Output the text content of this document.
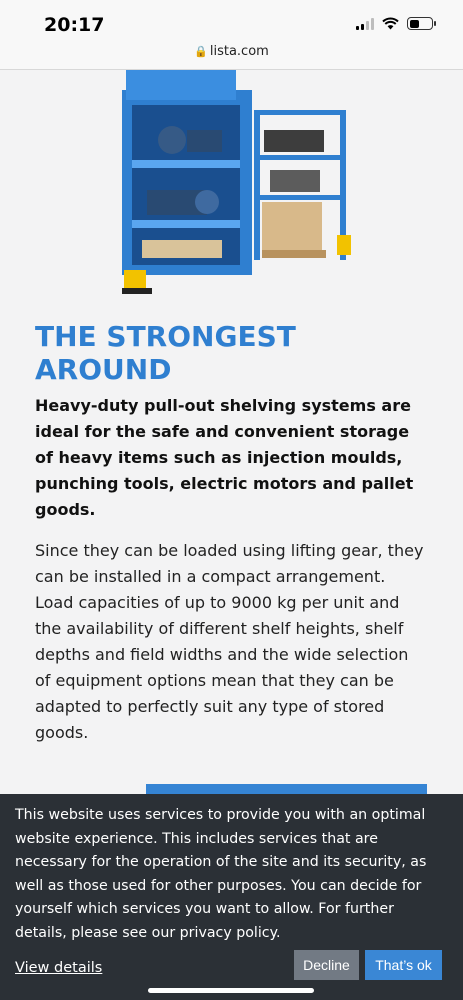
20:17
🔒 lista.com
THE STRONGEST AROUND

Heavy-duty pull-out shelving systems are ideal for the safe and convenient storage of heavy items such as injection moulds, punching tools, electric motors and pallet goods.

Since they can be loaded using lifting gear, they can be installed in a compact arrangement. Load capacities of up to 9000 kg per unit and the availability of different shelf heights, shelf depths and field widths and the wide selection of equipment options mean that they can be adapted to perfectly suit any type of stored goods.

This website uses services to provide you with an optimal website experience. This includes services that are necessary for the operation of the site and its security, as well as those used for other purposes. You can decide for yourself which services you want to allow. For further details, please see our privacy policy.

View details	Decline	That’s ok
